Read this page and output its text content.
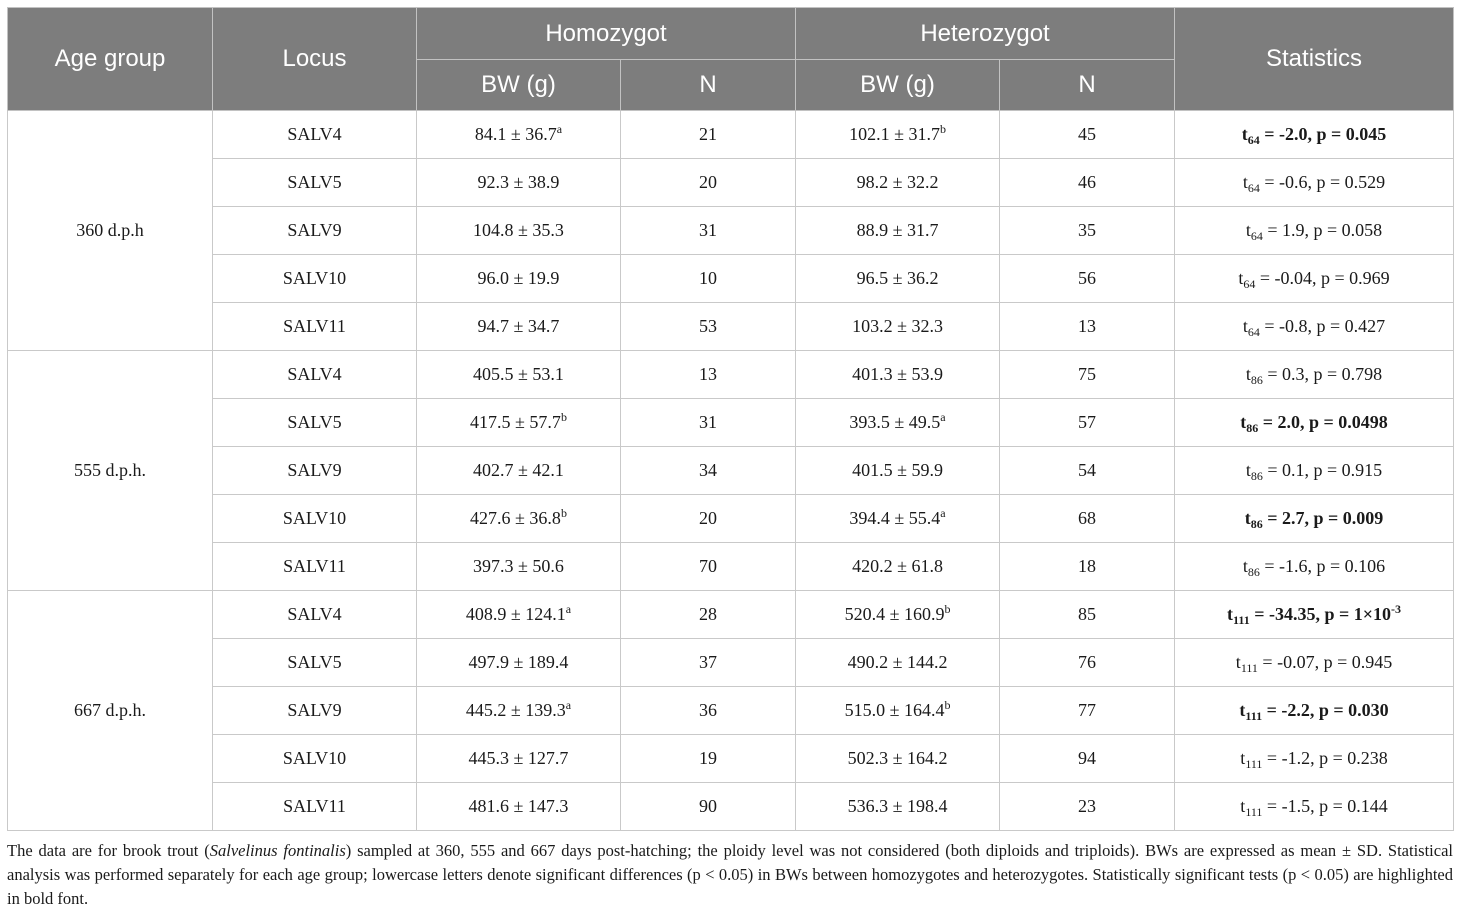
Age group	Locus	Homozygot		Heterozygot		Statistics
		BW (g)	N	BW (g)	N	
360 d.p.h	SALV4	84.1 ± 36.7$^a$	21	102.1 ± 31.7$^b$	45	$t_{64} = -2.0$, p = 0.045
	SALV5	92.3 ± 38.9	20	98.2 ± 32.2	46	$t_{64} = -0.6$, p = 0.529
	SALV9	104.8 ± 35.3	31	88.9 ± 31.7	35	$t_{64} = 1.9$, p = 0.058
	SALV10	96.0 ± 19.9	10	96.5 ± 36.2	56	$t_{64} = -0.04$, p = 0.969
	SALV11	94.7 ± 34.7	53	103.2 ± 32.3	13	$t_{64} = -0.8$, p = 0.427
555 d.p.h.	SALV4	405.5 ± 53.1	13	401.3 ± 53.9	75	$t_{86} = 0.3$, p = 0.798
	SALV5	417.5 ± 57.7$^b$	31	393.5 ± 49.5$^a$	57	$t_{86} = 2.0$, p = 0.0498
	SALV9	402.7 ± 42.1	34	401.5 ± 59.9	54	$t_{86} = 0.1$, p = 0.915
	SALV10	427.6 ± 36.8$^b$	20	394.4 ± 55.4$^a$	68	$t_{86} = 2.7$, p = 0.009
	SALV11	397.3 ± 50.6	70	420.2 ± 61.8	18	$t_{86} = -1.6$, p = 0.106
667 d.p.h.	SALV4	408.9 ± 124.1$^a$	28	520.4 ± 160.9$^b$	85	$t_{111} = -34.35$, $p = 1\times 10^{-3}$
	SALV5	497.9 ± 189.4	37	490.2 ± 144.2	76	$t_{111} = -0.07$, p = 0.945
	SALV9	445.2 ± 139.3$^a$	36	515.0 ± 164.4$^b$	77	$t_{111} = -2.2$, p = 0.030
	SALV10	445.3 ± 127.7	19	502.3 ± 164.2	94	$t_{111} = -1.2$, p = 0.238
	SALV11	481.6 ± 147.3	90	536.3 ± 198.4	23	$t_{111} = -1.5$, p = 0.144
The data are for brook trout (Salvelinus fontinalis) sampled at 360, 555 and 667 days post-hatching; the ploidy level was not considered (both diploids and triploids). BWs are expressed as mean ± SD. Statistical analysis was performed separately for each age group; lowercase letters denote significant differences (p < 0.05) in BWs between homozygotes and heterozygotes. Statistically significant tests (p < 0.05) are highlighted in bold font.
